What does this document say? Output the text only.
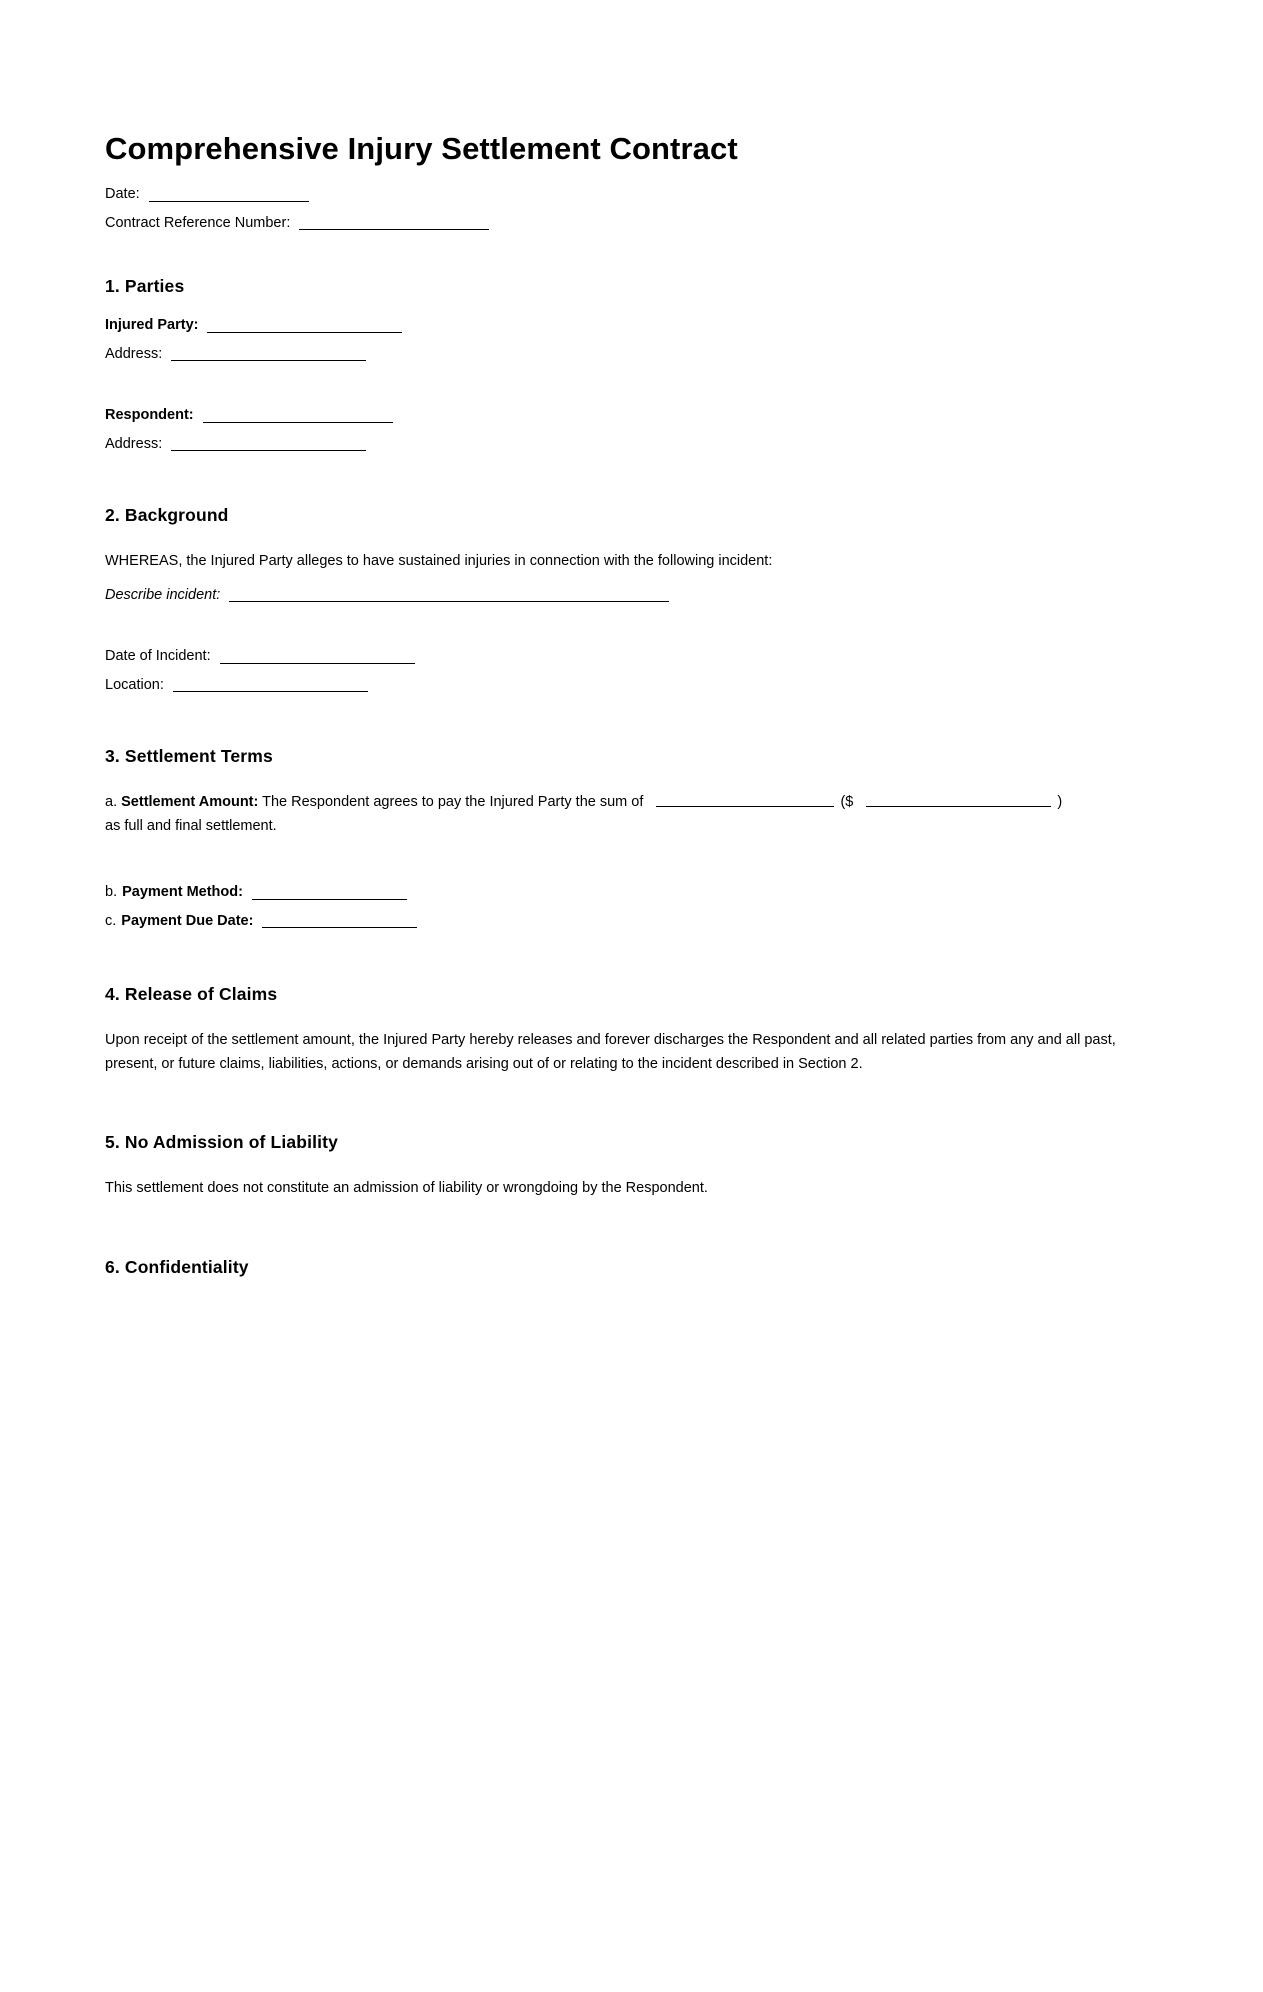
Comprehensive Injury Settlement Contract
Date:
Contract Reference Number:
1. Parties
Injured Party:
Address:
Respondent:
Address:
2. Background

WHEREAS, the Injured Party alleges to have sustained injuries in connection with the following incident:

Describe incident:
Date of Incident:
Location:
3. Settlement Terms

a. Settlement Amount: The Respondent agrees to pay the Injured Party the sum of	($	)
as full and final settlement.

b. Payment Method:
c. Payment Due Date:
4. Release of Claims

Upon receipt of the settlement amount, the Injured Party hereby releases and forever discharges the Respondent and all related parties from any and all past, present, or future claims, liabilities, actions, or demands arising out of or relating to the incident described in Section 2.

5. No Admission of Liability

This settlement does not constitute an admission of liability or wrongdoing by the Respondent.

6. Confidentiality
